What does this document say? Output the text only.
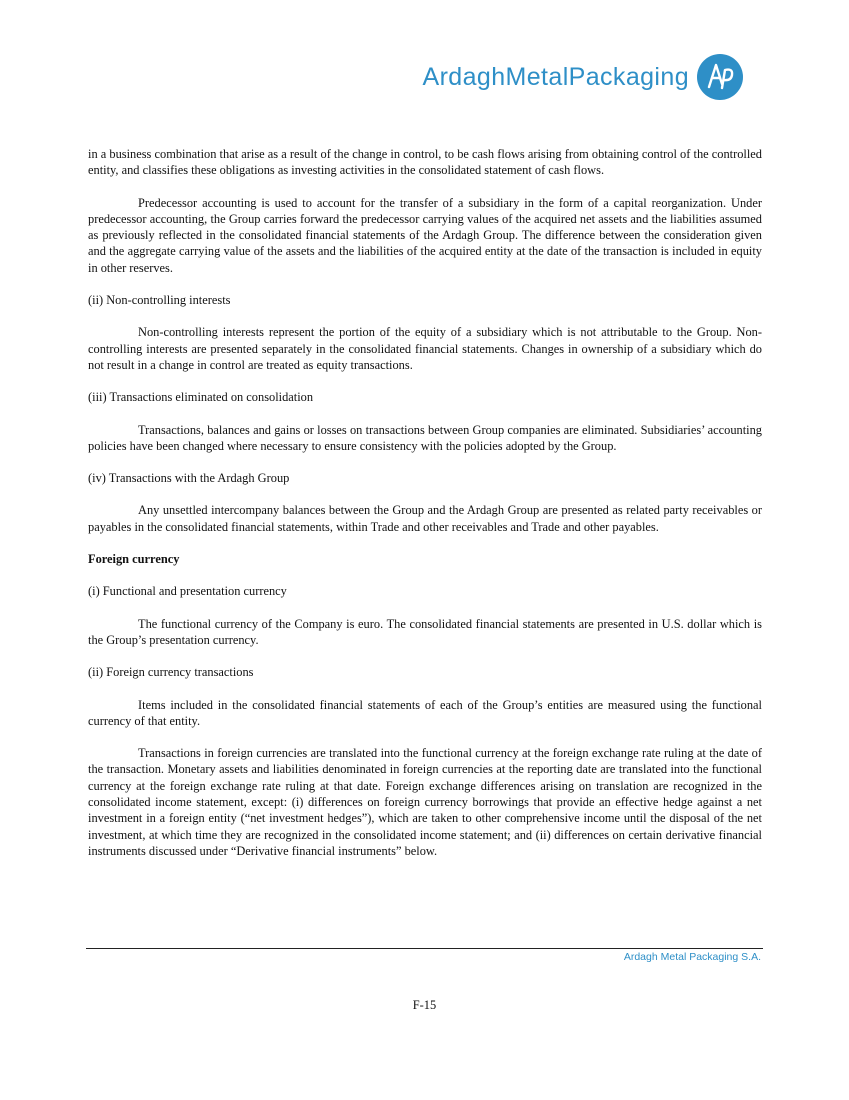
ArdaghMetalPackaging

in a business combination that arise as a result of the change in control, to be cash flows arising from obtaining control of the controlled entity, and classifies these obligations as investing activities in the consolidated statement of cash flows.

Predecessor accounting is used to account for the transfer of a subsidiary in the form of a capital reorganization. Under predecessor accounting, the Group carries forward the predecessor carrying values of the acquired net assets and the liabilities assumed as previously reflected in the consolidated financial statements of the Ardagh Group. The difference between the consideration given and the aggregate carrying value of the assets and the liabilities of the acquired entity at the date of the transaction is included in equity in other reserves.

(ii) Non-controlling interests

Non-controlling interests represent the portion of the equity of a subsidiary which is not attributable to the Group. Non-controlling interests are presented separately in the consolidated financial statements. Changes in ownership of a subsidiary which do not result in a change in control are treated as equity transactions.

(iii) Transactions eliminated on consolidation

Transactions, balances and gains or losses on transactions between Group companies are eliminated. Subsidiaries’ accounting policies have been changed where necessary to ensure consistency with the policies adopted by the Group.

(iv) Transactions with the Ardagh Group

Any unsettled intercompany balances between the Group and the Ardagh Group are presented as related party receivables or payables in the consolidated financial statements, within Trade and other receivables and Trade and other payables.

Foreign currency

(i) Functional and presentation currency

The functional currency of the Company is euro. The consolidated financial statements are presented in U.S. dollar which is the Group’s presentation currency.

(ii) Foreign currency transactions

Items included in the consolidated financial statements of each of the Group’s entities are measured using the functional currency of that entity.

Transactions in foreign currencies are translated into the functional currency at the foreign exchange rate ruling at the date of the transaction. Monetary assets and liabilities denominated in foreign currencies at the reporting date are translated into the functional currency at the foreign exchange rate ruling at that date. Foreign exchange differences arising on translation are recognized in the consolidated income statement, except: (i) differences on foreign currency borrowings that provide an effective hedge against a net investment in a foreign entity (“net investment hedges”), which are taken to other comprehensive income until the disposal of the net investment, at which time they are recognized in the consolidated income statement; and (ii) differences on certain derivative financial instruments discussed under “Derivative financial instruments” below.

Ardagh Metal Packaging S.A.
F-15
